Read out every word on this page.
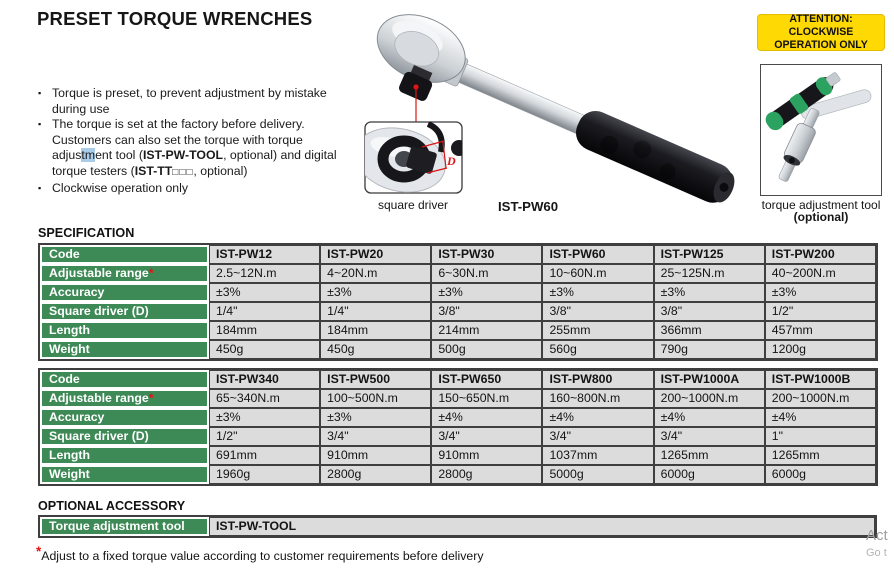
PRESET TORQUE WRENCHES
▪ Torque is preset, to prevent adjustment by mistake during use
▪ The torque is set at the factory before delivery. Customers can also set the torque with torque adjustment tool (IST-PW-TOOL, optional) and digital torque testers (IST-TT□□□, optional)
▪ Clockwise operation only
ATTENTION: CLOCKWISE
OPERATION ONLY
D
square driver	IST-PW60	torque adjustment tool
(optional)
SPECIFICATION
Code	IST-PW12	IST-PW20	IST-PW30	IST-PW60	IST-PW125	IST-PW200
Adjustable range*	2.5~12N.m	4~20N.m	6~30N.m	10~60N.m	25~125N.m	40~200N.m
Accuracy	±3%	±3%	±3%	±3%	±3%	±3%
Square driver (D)	1/4"	1/4"	3/8"	3/8"	3/8"	1/2"
Length	184mm	184mm	214mm	255mm	366mm	457mm
Weight	450g	450g	500g	560g	790g	1200g
Code	IST-PW340	IST-PW500	IST-PW650	IST-PW800	IST-PW1000A	IST-PW1000B
Adjustable range*	65~340N.m	100~500N.m	150~650N.m	160~800N.m	200~1000N.m	200~1000N.m
Accuracy	±3%	±3%	±4%	±4%	±4%	±4%
Square driver (D)	1/2"	3/4"	3/4"	3/4"	3/4"	1"
Length	691mm	910mm	910mm	1037mm	1265mm	1265mm
Weight	1960g	2800g	2800g	5000g	6000g	6000g
OPTIONAL ACCESSORY
Torque adjustment tool	IST-PW-TOOL
*Adjust to a fixed torque value according to customer requirements before delivery
Act
Go t
